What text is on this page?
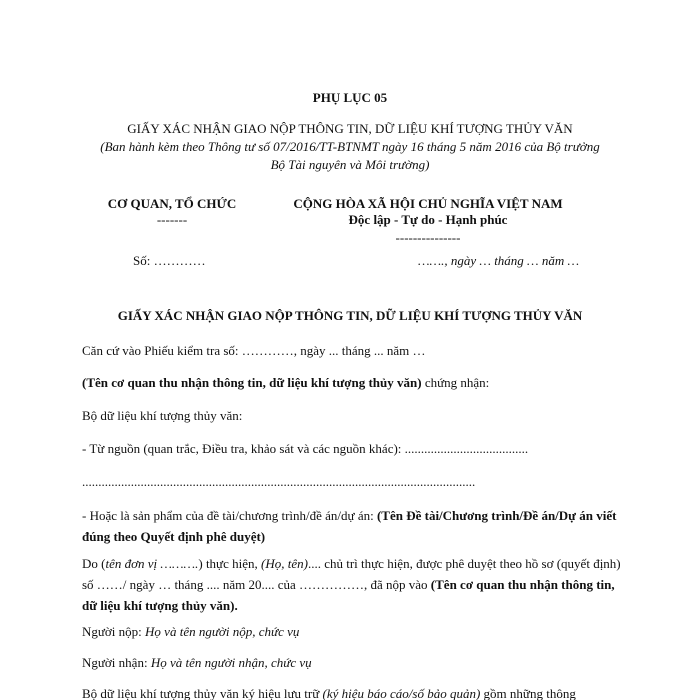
PHỤ LỤC 05
GIẤY XÁC NHẬN GIAO NỘP THÔNG TIN, DỮ LIỆU KHÍ TƯỢNG THỦY VĂN
(Ban hành kèm theo Thông tư số 07/2016/TT-BTNMT ngày 16 tháng 5 năm 2016 của Bộ trưởng
Bộ Tài nguyên và Môi trường)
CƠ QUAN, TỔ CHỨC
-------
Số: …………
CỘNG HÒA XÃ HỘI CHỦ NGHĨA VIỆT NAM
Độc lập - Tự do - Hạnh phúc
---------------
……., ngày … tháng … năm …
GIẤY XÁC NHẬN GIAO NỘP THÔNG TIN, DỮ LIỆU KHÍ TƯỢNG THỦY VĂN
Căn cứ vào Phiếu kiểm tra số: …………, ngày ... tháng ... năm …
(Tên cơ quan thu nhận thông tin, dữ liệu khí tượng thủy văn) chứng nhận:
Bộ dữ liệu khí tượng thủy văn:
- Từ nguồn (quan trắc, Điều tra, khảo sát và các nguồn khác): ......................................
.........................................................................................................................

- Hoặc là sản phẩm của đề tài/chương trình/đề án/dự án: (Tên Đề tài/Chương trình/Đề án/Dự án viết đúng theo Quyết định phê duyệt)

Do (tên đơn vị ……….) thực hiện, (Họ, tên).... chủ trì thực hiện, được phê duyệt theo hồ sơ (quyết định) số ……/ ngày … tháng .... năm 20.... của ……………, đã nộp vào (Tên cơ quan thu nhận thông tin, dữ liệu khí tượng thủy văn).

Người nộp: Họ và tên người nộp, chức vụ
Người nhận: Họ và tên người nhận, chức vụ
Bộ dữ liệu khí tượng thủy văn ký hiệu lưu trữ (ký hiệu báo cáo/số bảo quản) gồm những thông
